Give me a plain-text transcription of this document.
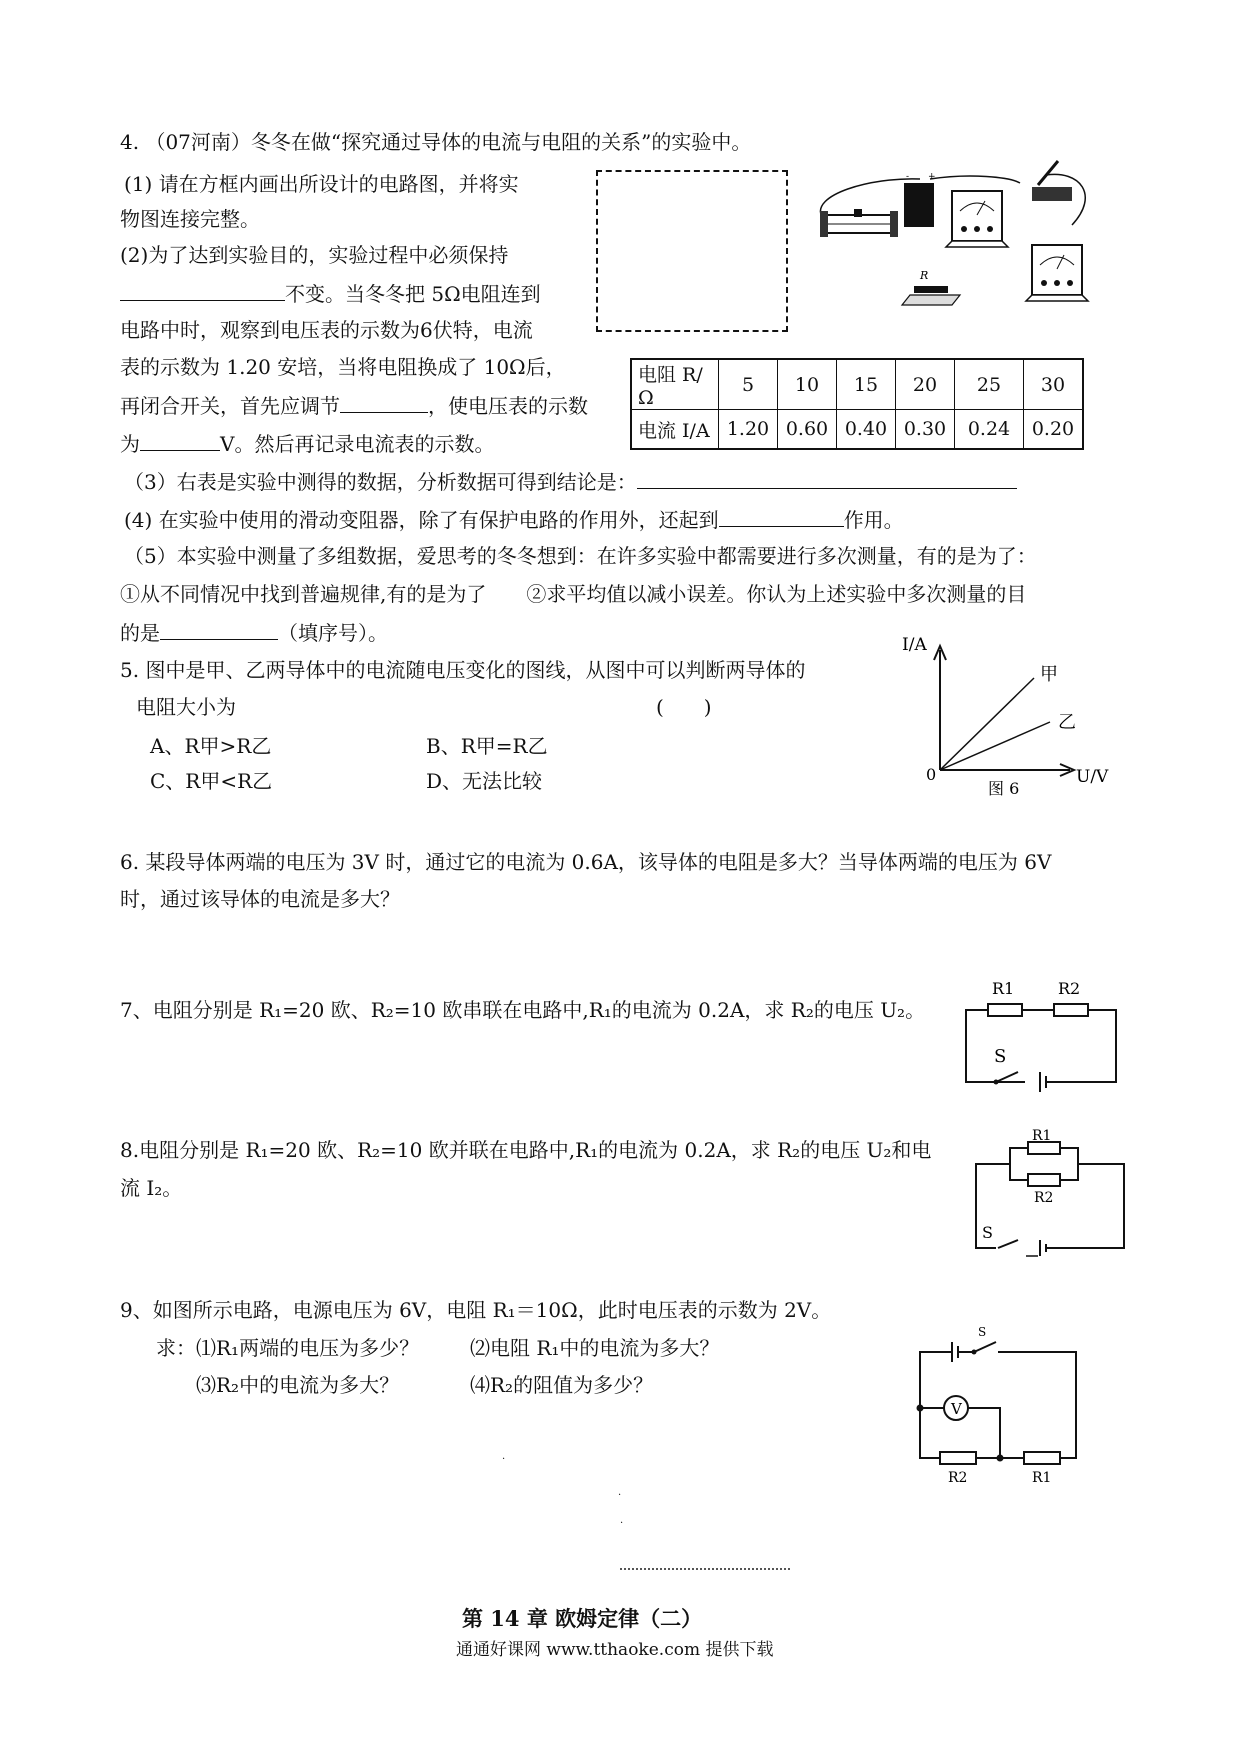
4. （07河南）冬冬在做“探究通过导体的电流与电阻的关系”的实验中。
(1) 请在方框内画出所设计的电路图，并将实
物图连接完整。
(2)为了达到实验目的，实验过程中必须保持
不变。当冬冬把 5Ω电阻连到
电路中时，观察到电压表的示数为6伏特，电流
表的示数为 1.20 安培，当将电阻换成了 10Ω后，
再闭合开关，首先应调节	，使电压表的示数
为	V。然后再记录电流表的示数。
- +
R
电阻 R/Ω	5	10	15	20	25	30
电流 I/A	1.20	0.60	0.40	0.30	0.24	0.20
（3）右表是实验中测得的数据，分析数据可得到结论是：
(4) 在实验中使用的滑动变阻器，除了有保护电路的作用外，还起到	作用。
（5）本实验中测量了多组数据，爱思考的冬冬想到：在许多实验中都需要进行多次测量，有的是为了：
①从不同情况中找到普遍规律,有的是为了　　②求平均值以减小误差。你认为上述实验中多次测量的目
的是	（填序号）。
5. 图中是甲、乙两导体中的电流随电压变化的图线，从图中可以判断两导体的
电阻大小为	(　　)
A、R甲>R乙	B、R甲=R乙
C、R甲<R乙	D、无法比较
I/A
U/V
0
甲
乙
图 6
6. 某段导体两端的电压为 3V 时，通过它的电流为 0.6A，该导体的电阻是多大？当导体两端的电压为 6V
时，通过该导体的电流是多大？
7、电阻分别是 R₁=20 欧、R₂=10 欧串联在电路中,R₁的电流为 0.2A，求 R₂的电压 U₂。
R1	R2
S
8.电阻分别是 R₁=20 欧、R₂=10 欧并联在电路中,R₁的电流为 0.2A，求 R₂的电压 U₂和电
流 I₂。
R1
R2
S
9、如图所示电路，电源电压为 6V，电阻 R₁＝10Ω，此时电压表的示数为 2V。
求：⑴R₁两端的电压为多少？	⑵电阻 R₁中的电流为多大？
⑶R₂中的电流为多大？	⑷R₂的阻值为多少？
V
S
R2	R1
.
.
.
第 14 章 欧姆定律（二）
通通好课网 www.tthaoke.com 提供下载
